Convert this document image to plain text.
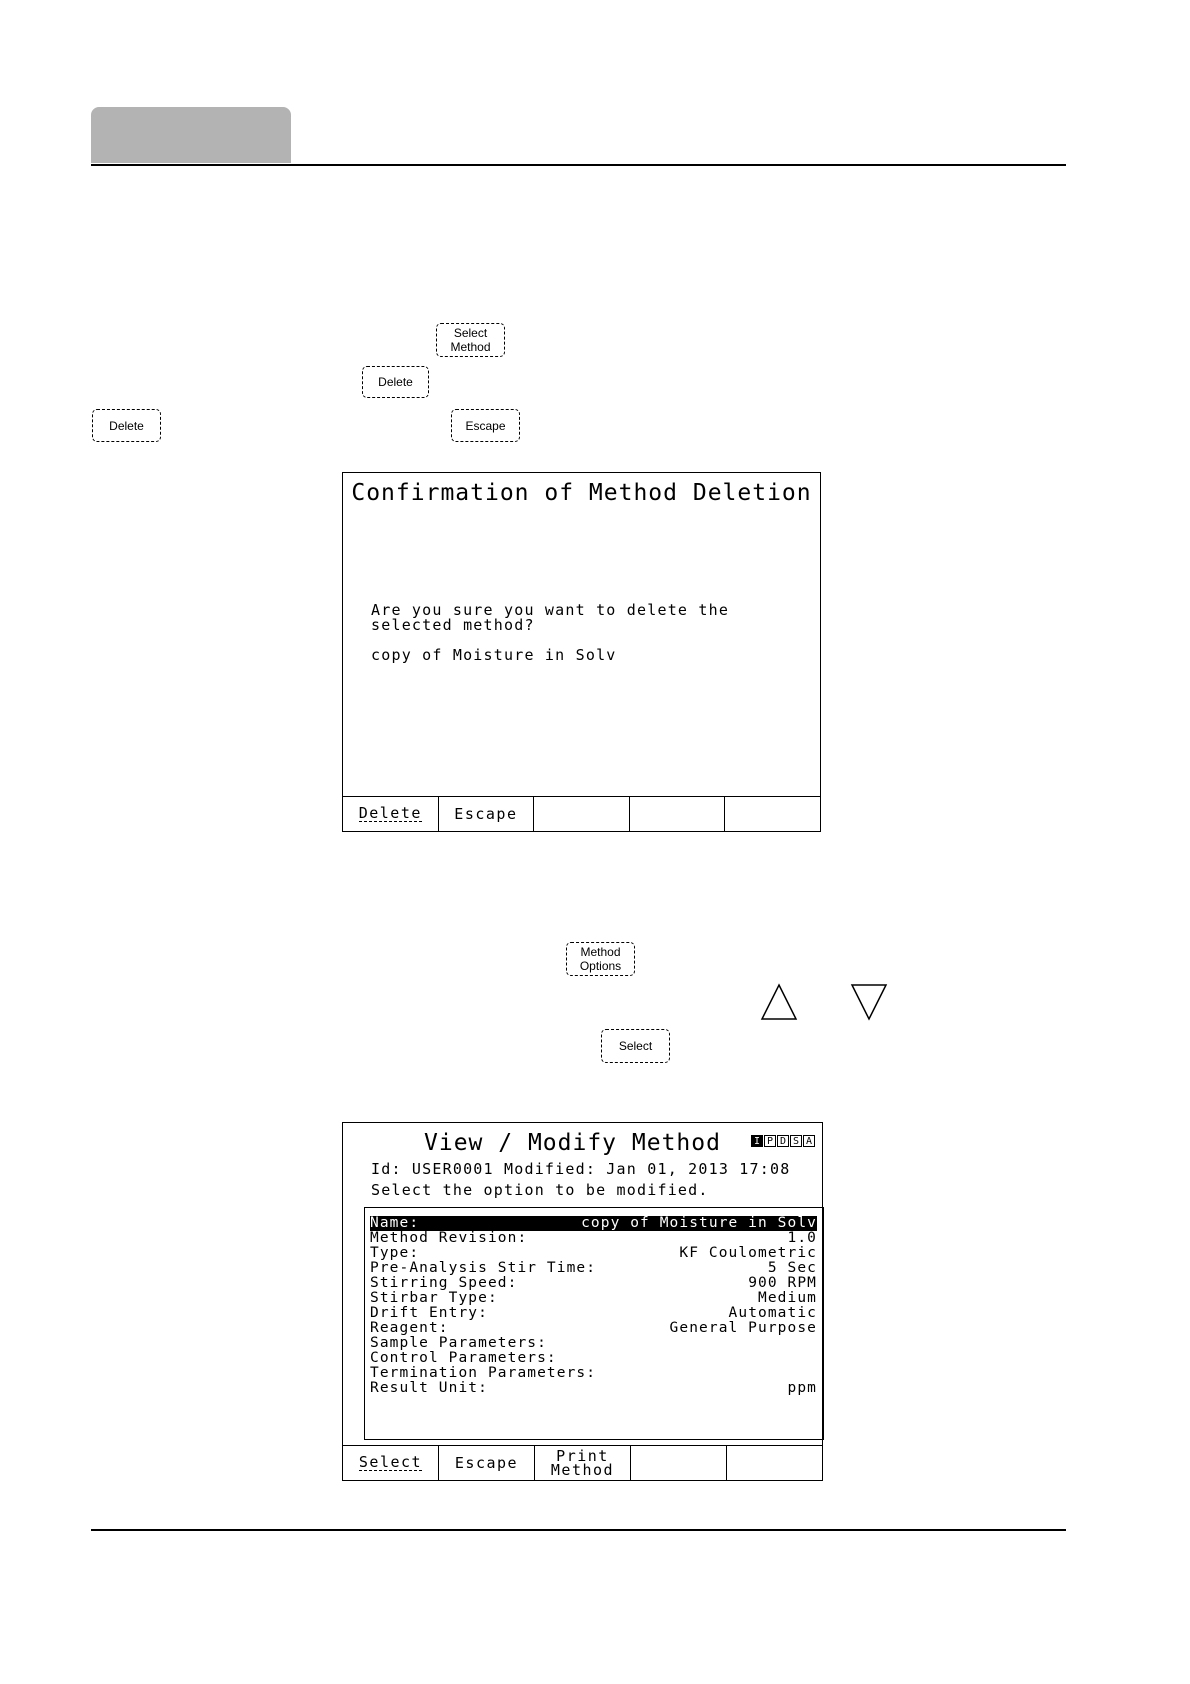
Select
Method
Delete
Delete	Escape
Confirmation of Method Deletion
Are you sure you want to delete the
selected method?
copy of Moisture in Solv
Delete Escape
Method
Options
Select
View / Modify Method	I P D S A
Id: USER0001 Modified: Jan 01, 2013 17:08
Select the option to be modified.
Name:	copy of Moisture in Solv
Method Revision:	1.0
Type:	KF Coulometric
Pre-Analysis Stir Time:	5 Sec
Stirring Speed:	900 RPM
Stirbar Type:	Medium
Drift Entry:	Automatic
Reagent:	General Purpose
Sample Parameters:
Control Parameters:
Termination Parameters:
Result Unit:	ppm
Select Escape	Print
Method
